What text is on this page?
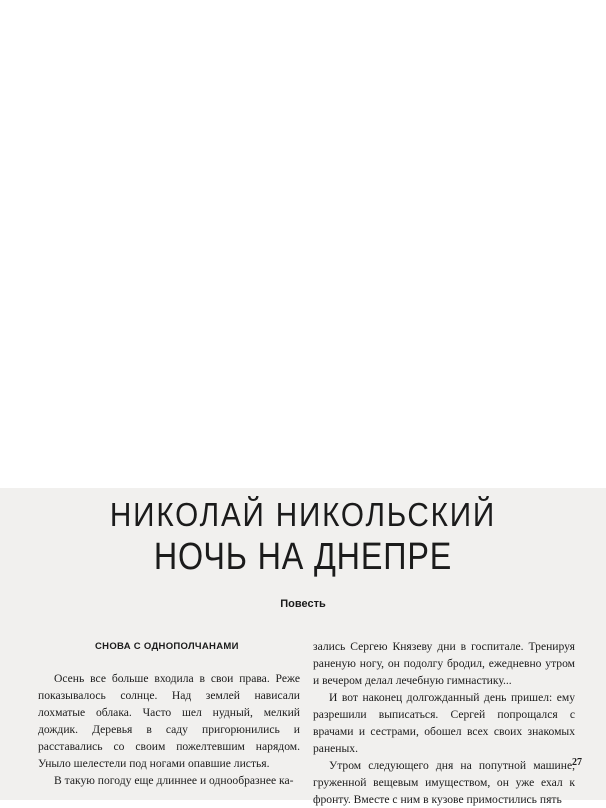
НИКОЛАЙ НИКОЛЬСКИЙ
НОЧЬ НА ДНЕПРЕ
Повесть
СНОВА С ОДНОПОЛЧАНАМИ

Осень все больше входила в свои права. Реже показывалось солнце. Над землей нависали лохматые облака. Часто шел нудный, мелкий дождик. Деревья в саду пригорюнились и расставались со своим пожелтевшим нарядом. Уныло шелестели под ногами опавшие листья.

В такую погоду еще длиннее и однообразнее ка-

зались Сергею Князеву дни в госпитале. Тренируя раненую ногу, он подолгу бродил, ежедневно утром и вечером делал лечебную гимнастику...

И вот наконец долгожданный день пришел: ему разрешили выписаться. Сергей попрощался с врачами и сестрами, обошел всех своих знакомых раненых.

Утром следующего дня на попутной машине, груженной вещевым имуществом, он уже ехал к фронту. Вместе с ним в кузове примостились пять

27
